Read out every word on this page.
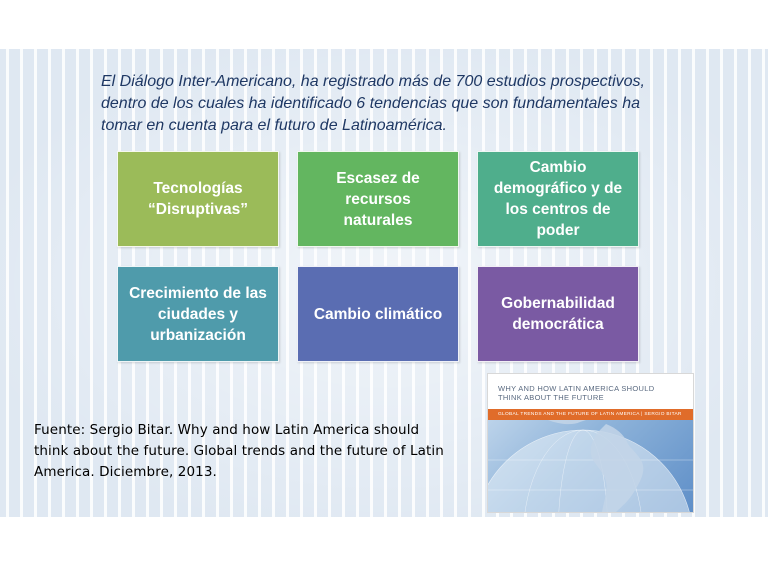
El Diálogo Inter-Americano, ha registrado más de 700 estudios prospectivos,
dentro de los cuales ha identificado 6 tendencias que son fundamentales ha
tomar en cuenta para el futuro de Latinoamérica.
Tecnologías
“Disruptivas”
Escasez de recursos
naturales
Cambio
demográfico y de
los centros de
poder
Crecimiento de las
ciudades y
urbanización
Cambio climático
Gobernabilidad
democrática
Fuente: Sergio Bitar. Why and how Latin America should
think about the future. Global trends and the future of Latin
America. Diciembre, 2013.
WHY AND HOW LATIN AMERICA SHOULD
THINK ABOUT THE FUTURE
GLOBAL TRENDS AND THE FUTURE OF LATIN AMERICA | SERGIO BITAR
